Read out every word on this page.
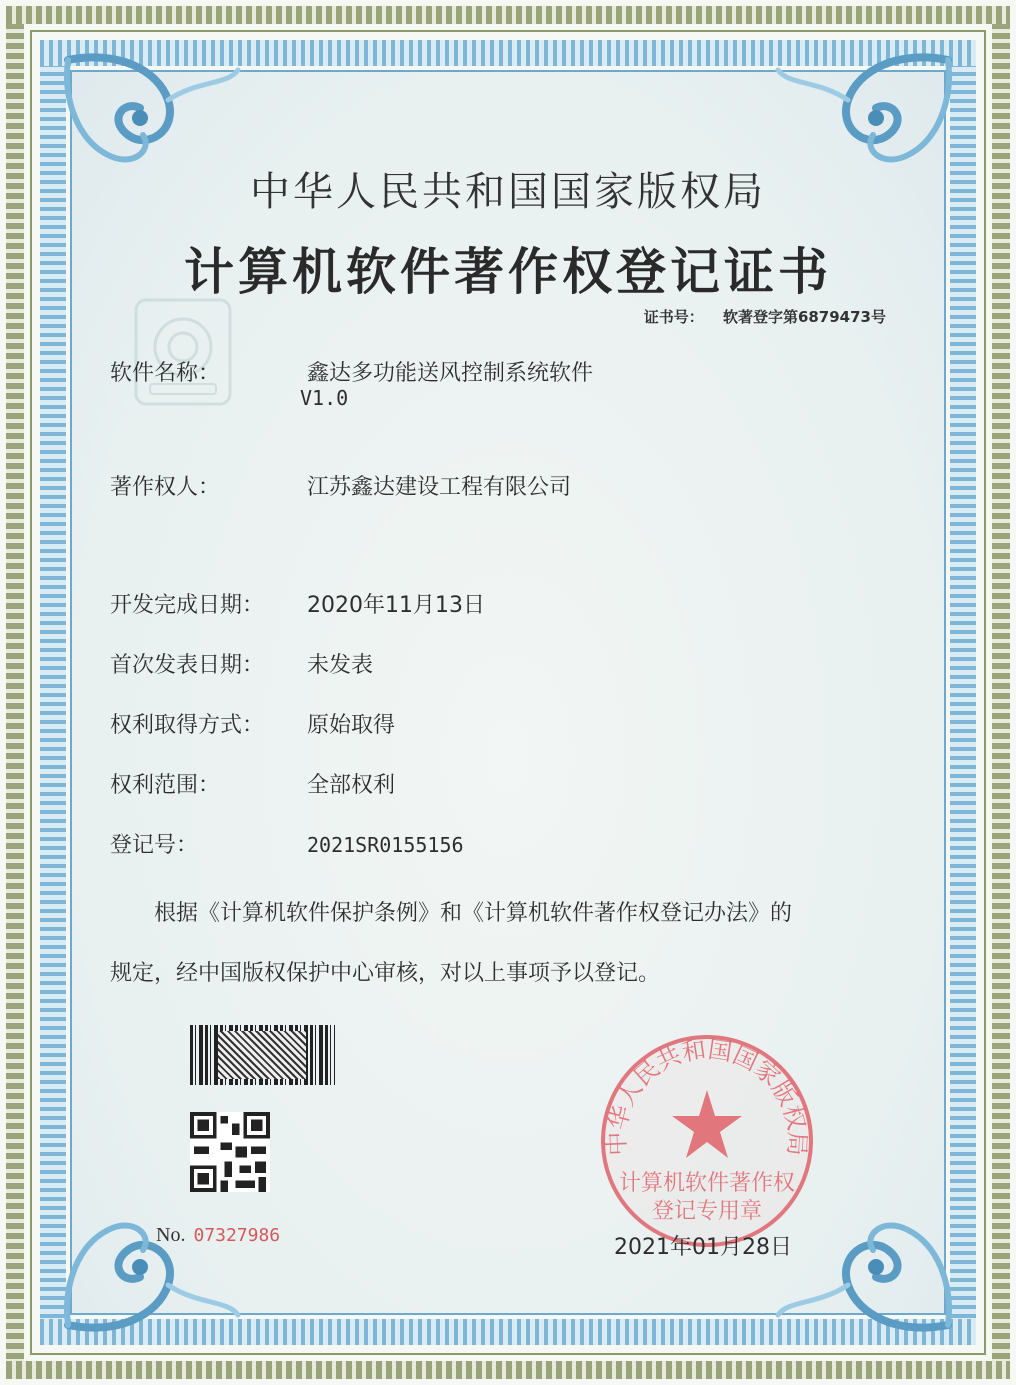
中华人民共和国国家版权局
计算机软件著作权登记证书
证书号： 软著登字第6879473号
软件名称：	鑫达多功能送风控制系统软件
V1.0
著作权人：	江苏鑫达建设工程有限公司
开发完成日期： 2020年11月13日
首次发表日期： 未发表
权利取得方式： 原始取得
权利范围：	全部权利
登记号：	2021SR0155156
根据《计算机软件保护条例》和《计算机软件著作权登记办法》的
规定，经中国版权保护中心审核，对以上事项予以登记。
No. 07327986
中华人民共和国国家版权局
计算机软件著作权
登记专用章
2021年01月28日
